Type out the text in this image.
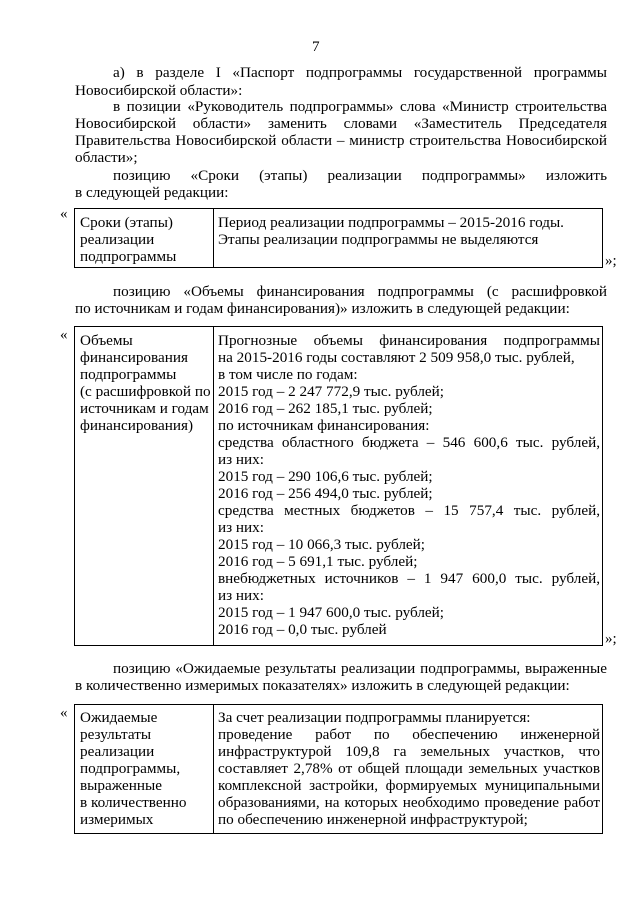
7
а) в разделе I «Паспорт подпрограммы государственной программы
Новосибирской области»:
в позиции «Руководитель подпрограммы» слова «Министр строительства
Новосибирской области» заменить словами «Заместитель Председателя
Правительства Новосибирской области – министр строительства Новосибирской
области»;
позицию «Сроки (этапы) реализации подпрограммы» изложить
в следующей редакции:
« Сроки (этапы)
реализации
подпрограммы
Период реализации подпрограммы – 2015-2016 годы.
Этапы реализации подпрограммы не выделяются
»;
позицию «Объемы финансирования подпрограммы (с расшифровкой
по источникам и годам финансирования)» изложить в следующей редакции:
« Объемы
финансирования
подпрограммы
(с расшифровкой по
источникам и годам
финансирования)
Прогнозные объемы финансирования подпрограммы
на 2015-2016 годы составляют 2 509 958,0 тыс. рублей,
в том числе по годам:
2015 год – 2 247 772,9 тыс. рублей;
2016 год – 262 185,1 тыс. рублей;
по источникам финансирования:
средства областного бюджета – 546 600,6 тыс. рублей,
из них:
2015 год – 290 106,6 тыс. рублей;
2016 год – 256 494,0 тыс. рублей;
средства местных бюджетов – 15 757,4 тыс. рублей,
из них:
2015 год – 10 066,3 тыс. рублей;
2016 год – 5 691,1 тыс. рублей;
внебюджетных источников – 1 947 600,0 тыс. рублей,
из них:
2015 год – 1 947 600,0 тыс. рублей;
2016 год – 0,0 тыс. рублей
»;
позицию «Ожидаемые результаты реализации подпрограммы, выраженные
в количественно измеримых показателях» изложить в следующей редакции:
« Ожидаемые
результаты
реализации
подпрограммы,
выраженные
в количественно
измеримых
За счет реализации подпрограммы планируется:
проведение работ по обеспечению инженерной
инфраструктурой 109,8 га земельных участков, что
составляет 2,78% от общей площади земельных участков
комплексной застройки, формируемых муниципальными
образованиями, на которых необходимо проведение работ
по обеспечению инженерной инфраструктурой;
